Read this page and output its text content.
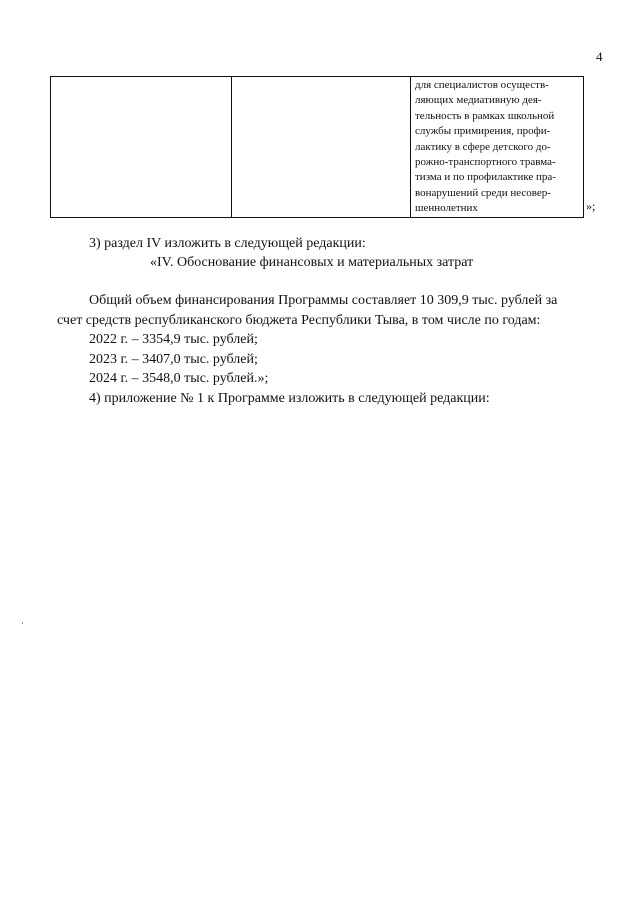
4

для специалистов осуществ-
ляющих медиативную дея-
тельность в рамках школьной
службы примирения, профи-
лактику в сфере детского до-
рожно-транспортного травма-
тизма и по профилактике пра-
вонарушений среди несовер-
шеннолетних	»;
3) раздел IV изложить в следующей редакции:
«IV. Обоснование финансовых и материальных затрат
Общий объем финансирования Программы составляет 10 309,9 тыс. рублей за
счет средств республиканского бюджета Республики Тыва, в том числе по годам:
2022 г. – 3354,9 тыс. рублей;
2023 г. – 3407,0 тыс. рублей;
2024 г. – 3548,0 тыс. рублей.»;
4) приложение № 1 к Программе изложить в следующей редакции:
